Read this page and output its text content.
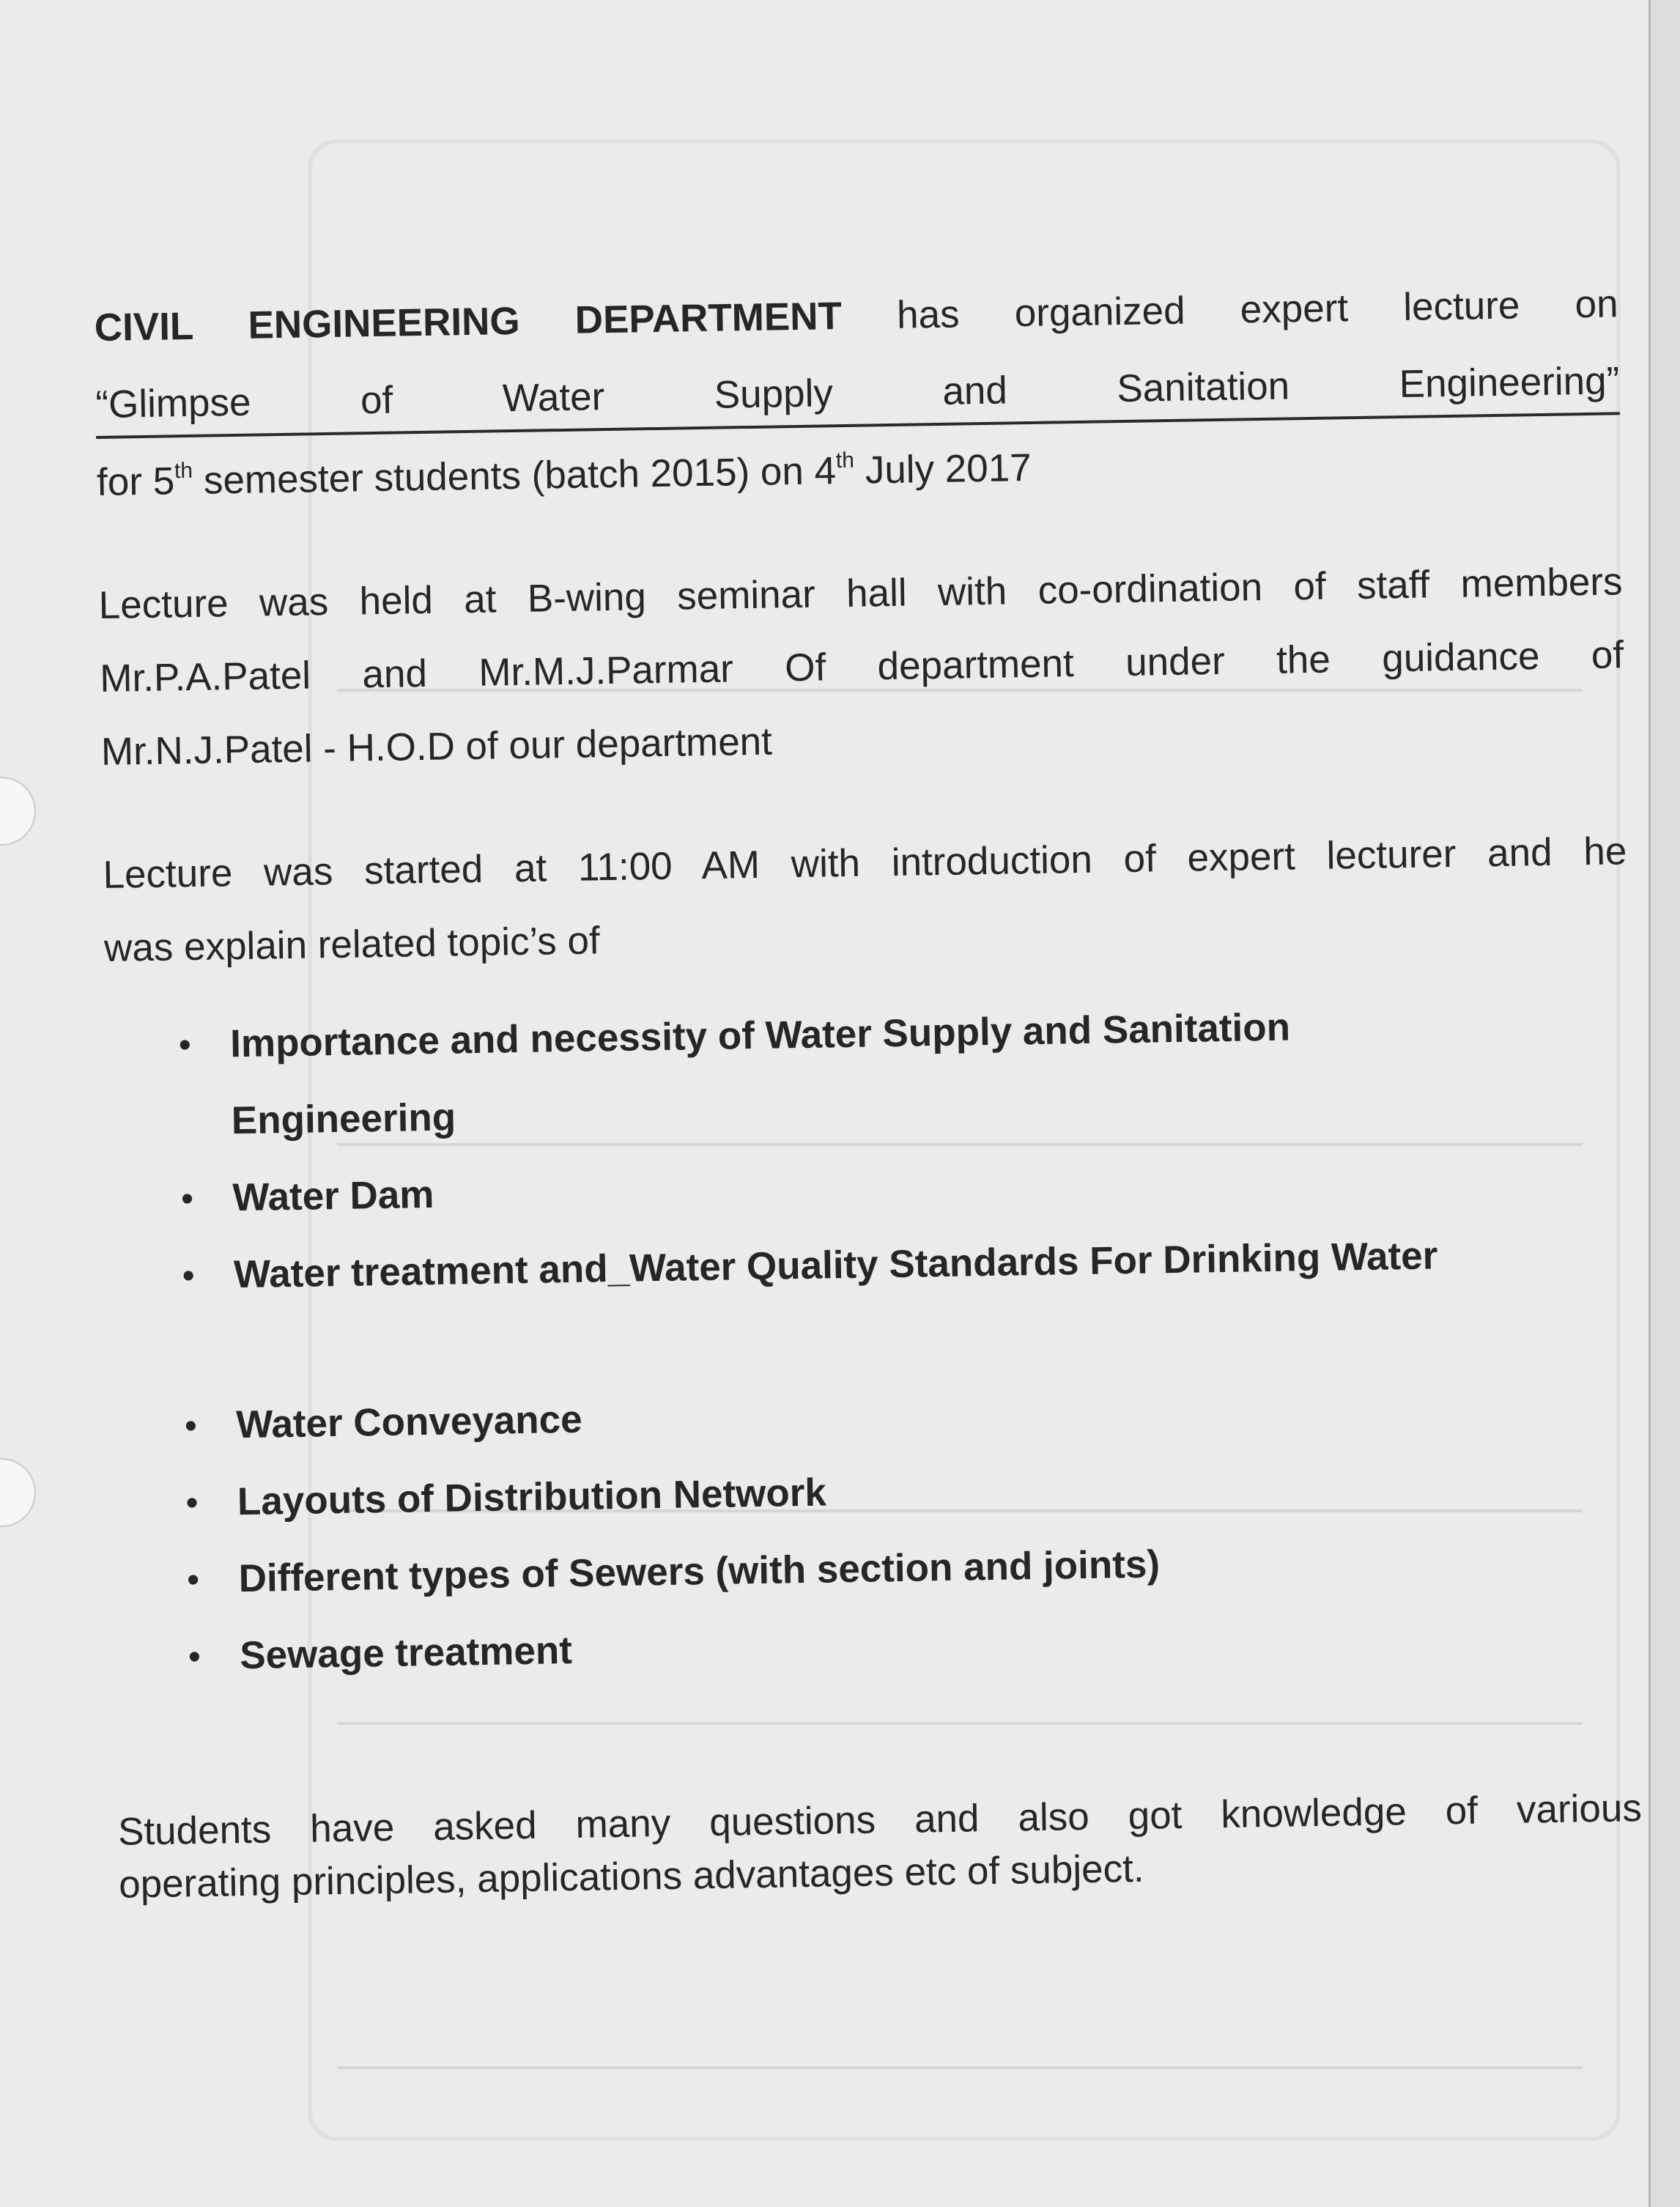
CIVIL ENGINEERING DEPARTMENT has organized expert lecture on
“Glimpse of Water Supply and Sanitation Engineering”
for 5th semester students (batch 2015) on 4th July 2017
Lecture was held at B-wing seminar hall with co-ordination of staff members
Mr.P.A.Patel and Mr.M.J.Parmar Of department under the guidance of
Mr.N.J.Patel - H.O.D of our department
Lecture was started at 11:00 AM with introduction of expert lecturer and he
was explain related topic’s of
•	Importance and necessity of Water Supply and Sanitation
Engineering
•	Water Dam
•	Water treatment and_Water Quality Standards For Drinking Water
•	Water Conveyance
•	Layouts of Distribution Network
•	Different types of Sewers (with section and joints)
•	Sewage treatment
Students have asked many questions and also got knowledge of various
operating principles, applications advantages etc of subject.
